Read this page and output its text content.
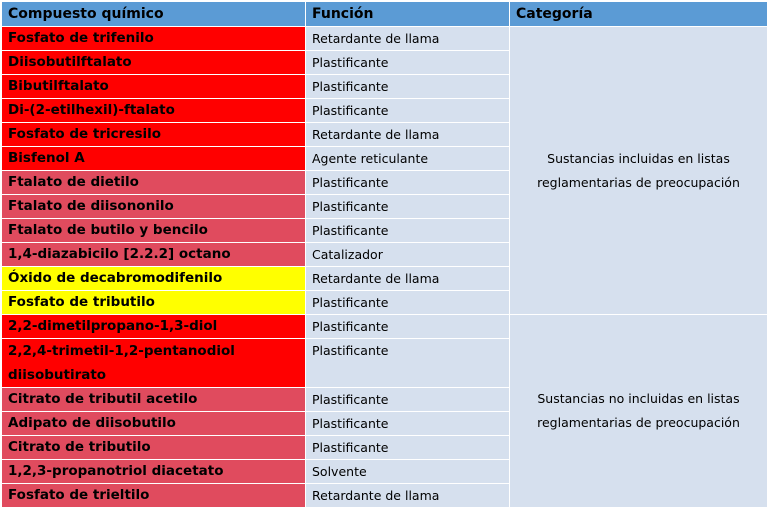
Compuesto químico	Función	Categoría
Fosfato de trifenilo	Retardante de llama	Sustancias incluidas en listas reglamentarias de preocupación
Diisobutilftalato	Plastificante	
Bibutilftalato	Plastificante	
Di-(2-etilhexil)-ftalato	Plastificante	
Fosfato de tricresilo	Retardante de llama	
Bisfenol A	Agente reticulante	
Ftalato de dietilo	Plastificante	
Ftalato de diisononilo	Plastificante	
Ftalato de butilo y bencilo	Plastificante	
1,4-diazabicilo [2.2.2] octano	Catalizador	
Óxido de decabromodifenilo	Retardante de llama	
Fosfato de tributilo	Plastificante	
2,2-dimetilpropano-1,3-diol	Plastificante	Sustancias no incluidas en listas reglamentarias de preocupación
2,2,4-trimetil-1,2-pentanodiol diisobutirato	Plastificante	
Citrato de tributil acetilo	Plastificante	
Adipato de diisobutilo	Plastificante	
Citrato de tributilo	Plastificante	
1,2,3-propanotriol diacetato	Solvente	
Fosfato de trieltilo	Retardante de llama	
